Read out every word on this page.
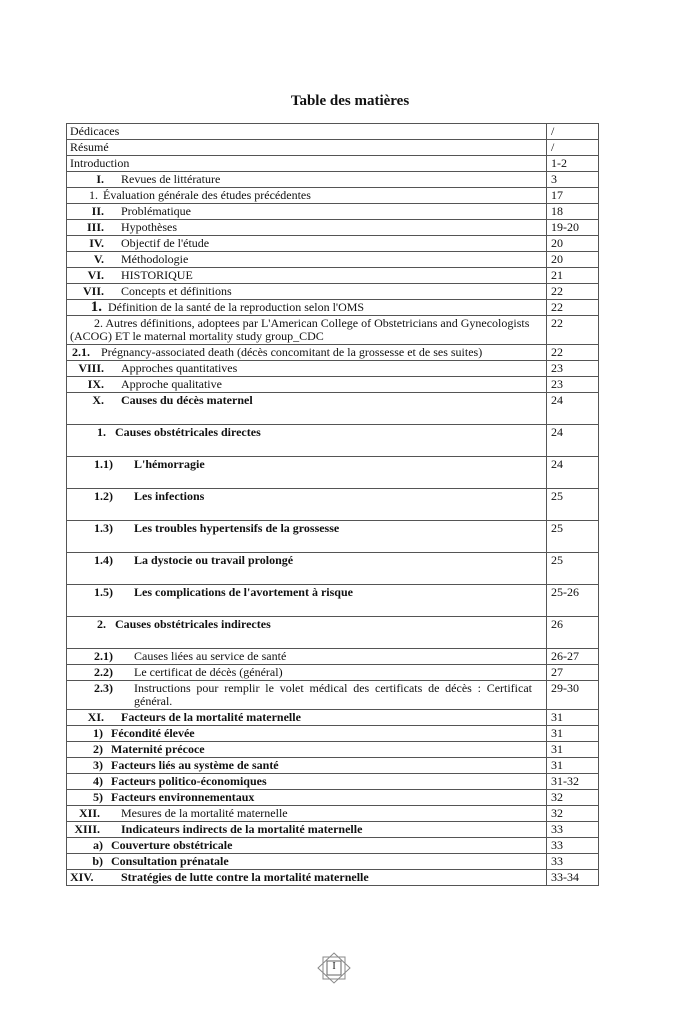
Table des matières
Dédicaces	/
Résumé	/
Introduction	1-2
I. Revues de littérature	3
1. Évaluation générale des études précédentes	17
II. Problématique	18
III. Hypothèses	19-20
IV. Objectif de l'étude	20
V. Méthodologie	20
VI. HISTORIQUE	21
VII. Concepts et définitions	22
1. Définition de la santé de la reproduction selon l'OMS	22
2. Autres définitions, adoptees par L'American College of Obstetricians and Gynecologists (ACOG) ET le maternal mortality study group_CDC	22
2.1. Prégnancy-associated death (décès concomitant de la grossesse et de ses suites)	22
VIII. Approches quantitatives	23
IX. Approche qualitative	23
X. Causes du décès maternel	24
1. Causes obstétricales directes	24
1.1) L'hémorragie	24
1.2) Les infections	25
1.3) Les troubles hypertensifs de la grossesse	25
1.4) La dystocie ou travail prolongé	25
1.5) Les complications de l'avortement à risque	25-26
2. Causes obstétricales indirectes	26
2.1) Causes liées au service de santé	26-27
2.2) Le certificat de décès (général)	27
2.3) Instructions pour remplir le volet médical des certificats de décès : Certificat général.	29-30
XI. Facteurs de la mortalité maternelle	31
1) Fécondité élevée	31
2) Maternité précoce	31
3) Facteurs liés au système de santé	31
4) Facteurs politico-économiques	31-32
5) Facteurs environnementaux	32
XII. Mesures de la mortalité maternelle	32
XIII. Indicateurs indirects de la mortalité maternelle	33
a) Couverture obstétricale	33
b) Consultation prénatale	33
XIV. Stratégies de lutte contre la mortalité maternelle	33-34
I
